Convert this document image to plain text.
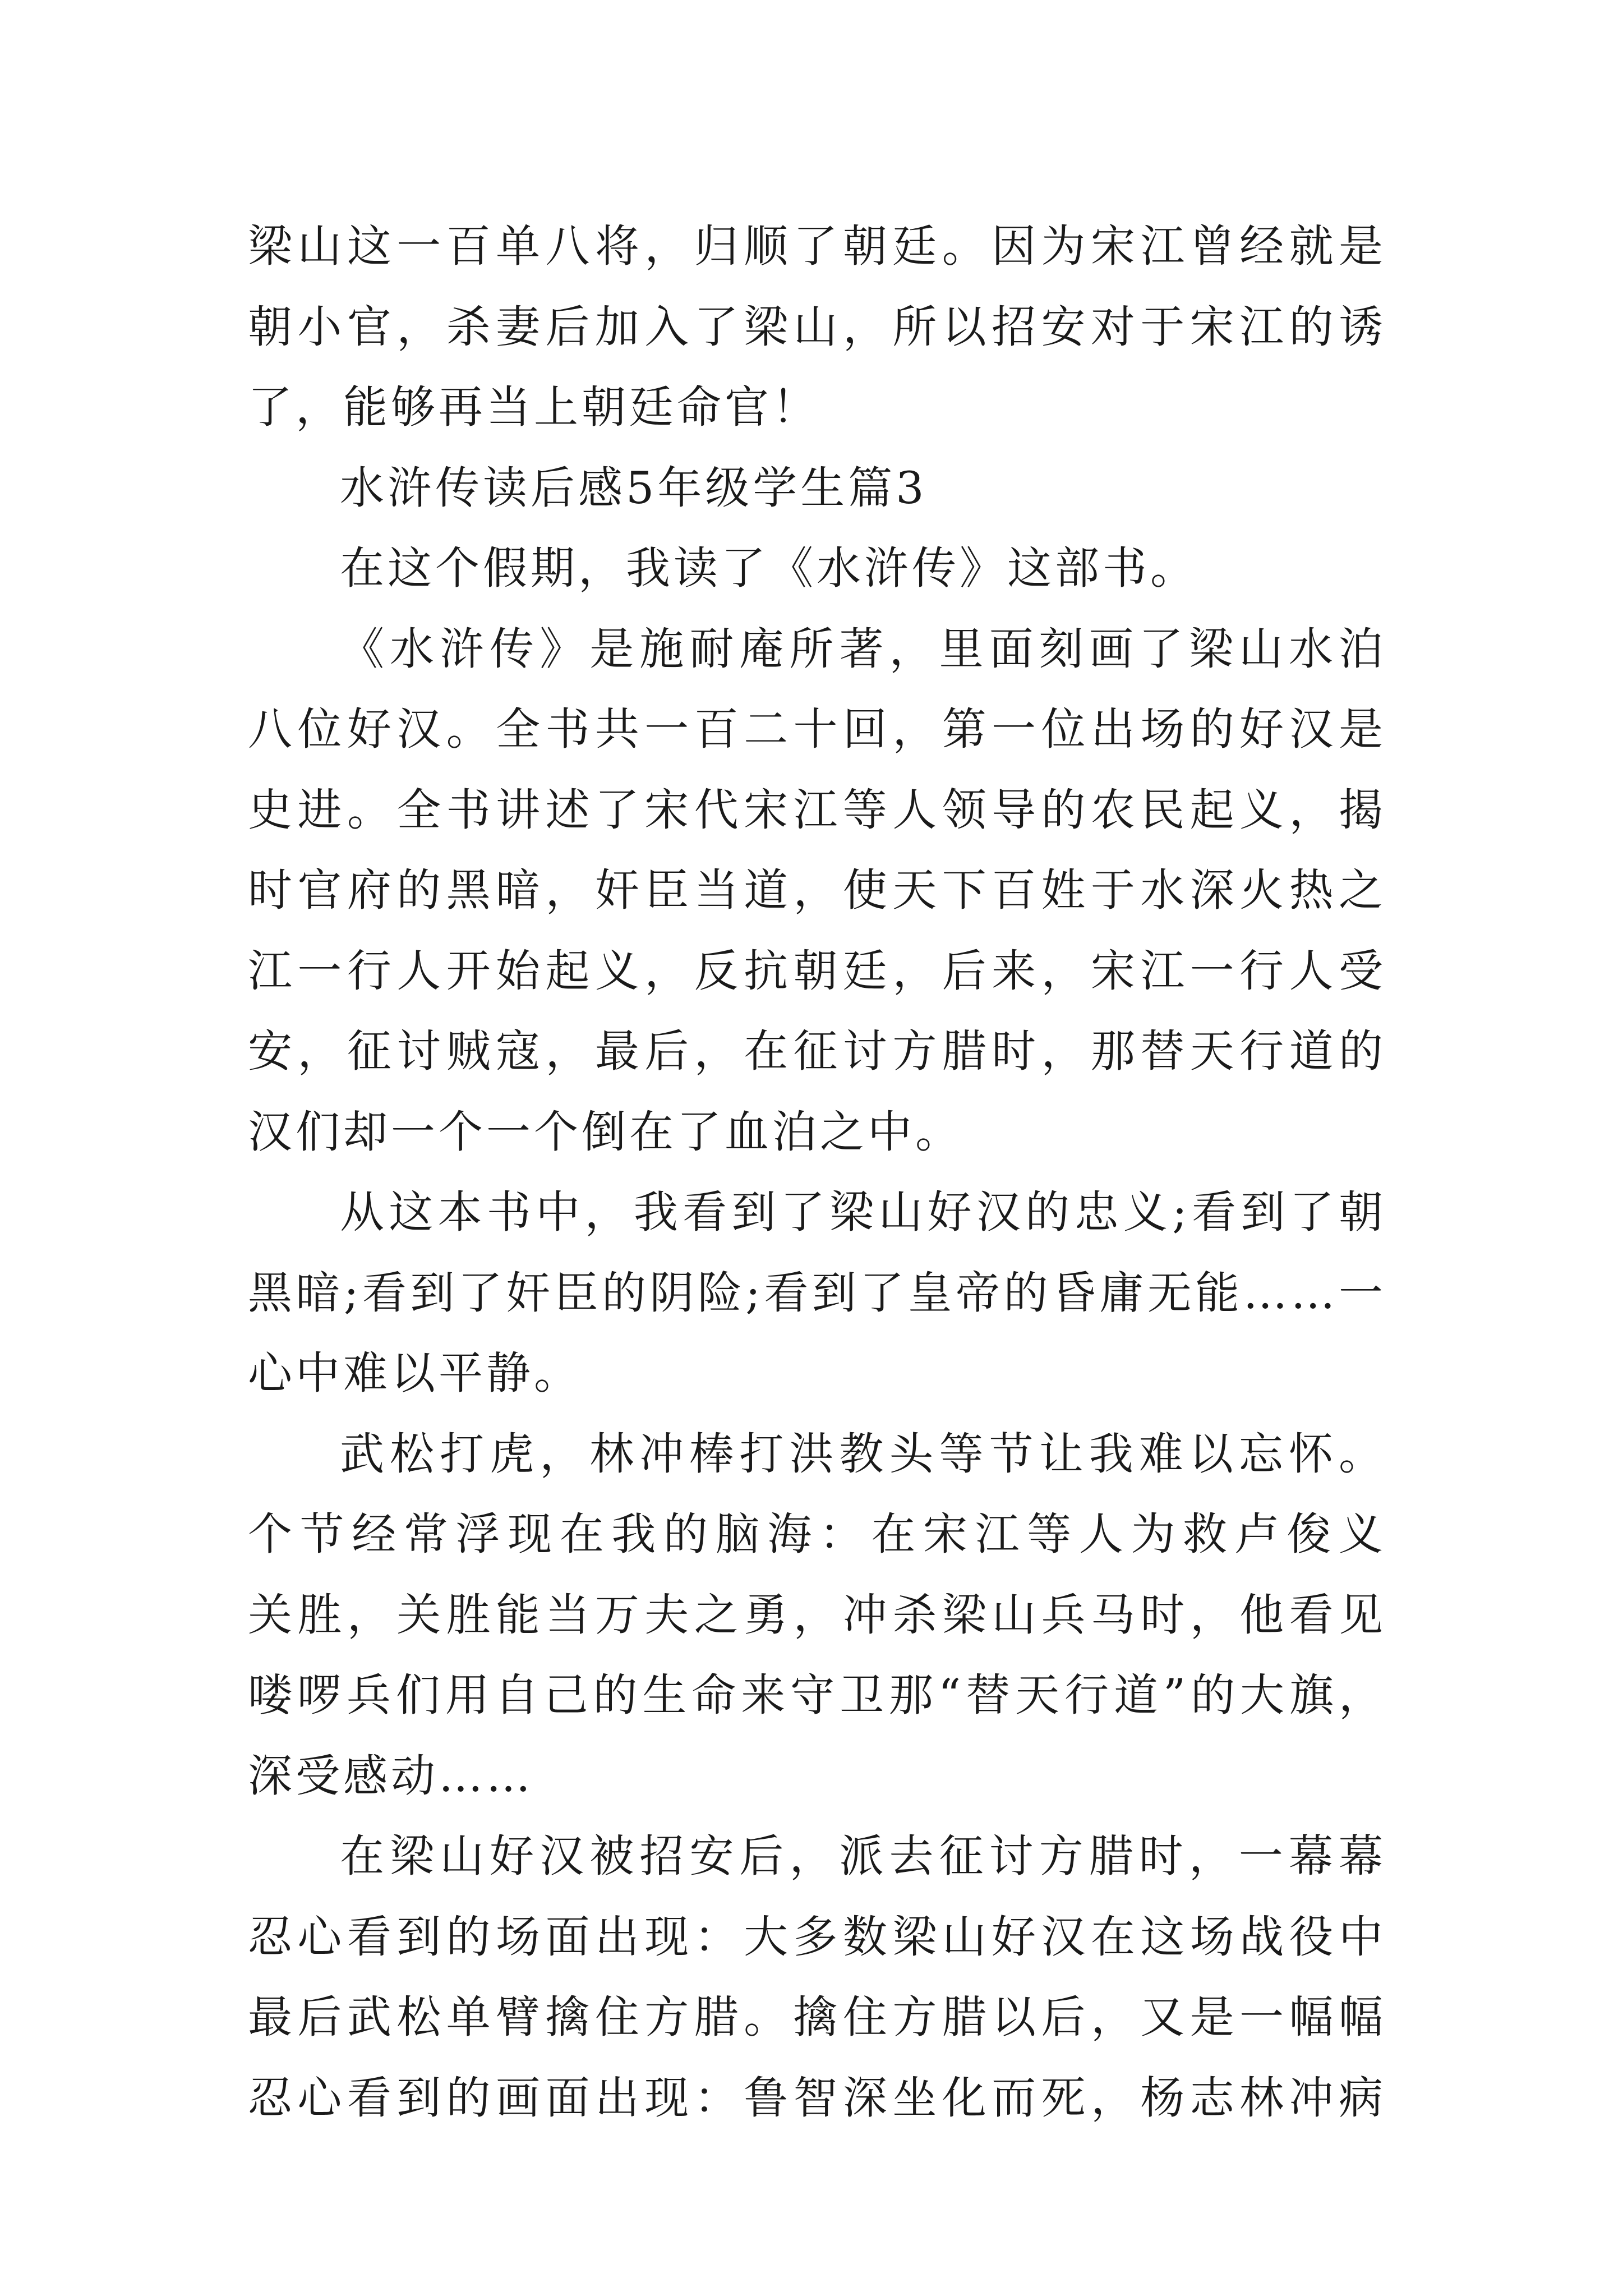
梁山这一百单八将，归顺了朝廷。因为宋江曾经就是
朝小官，杀妻后加入了梁山，所以招安对于宋江的诱
了，能够再当上朝廷命官！
水浒传读后感5年级学生篇3
在这个假期，我读了《水浒传》这部书。
《水浒传》是施耐庵所著，里面刻画了梁山水泊
八位好汉。全书共一百二十回，第一位出场的好汉是
史进。全书讲述了宋代宋江等人领导的农民起义，揭
时官府的黑暗，奸臣当道，使天下百姓于水深火热之
江一行人开始起义，反抗朝廷，后来，宋江一行人受
安，征讨贼寇，最后，在征讨方腊时，那替天行道的
汉们却一个一个倒在了血泊之中。
从这本书中，我看到了梁山好汉的忠义;看到了朝
黑暗;看到了奸臣的阴险;看到了皇帝的昏庸无能……一
心中难以平静。
武松打虎，林冲棒打洪教头等节让我难以忘怀。
个节经常浮现在我的脑海：在宋江等人为救卢俊义
关胜，关胜能当万夫之勇，冲杀梁山兵马时，他看见
喽啰兵们用自己的生命来守卫那“替天行道”的大旗，
深受感动……
在梁山好汉被招安后，派去征讨方腊时，一幕幕
忍心看到的场面出现：大多数梁山好汉在这场战役中
最后武松单臂擒住方腊。擒住方腊以后，又是一幅幅
忍心看到的画面出现：鲁智深坐化而死，杨志林冲病
